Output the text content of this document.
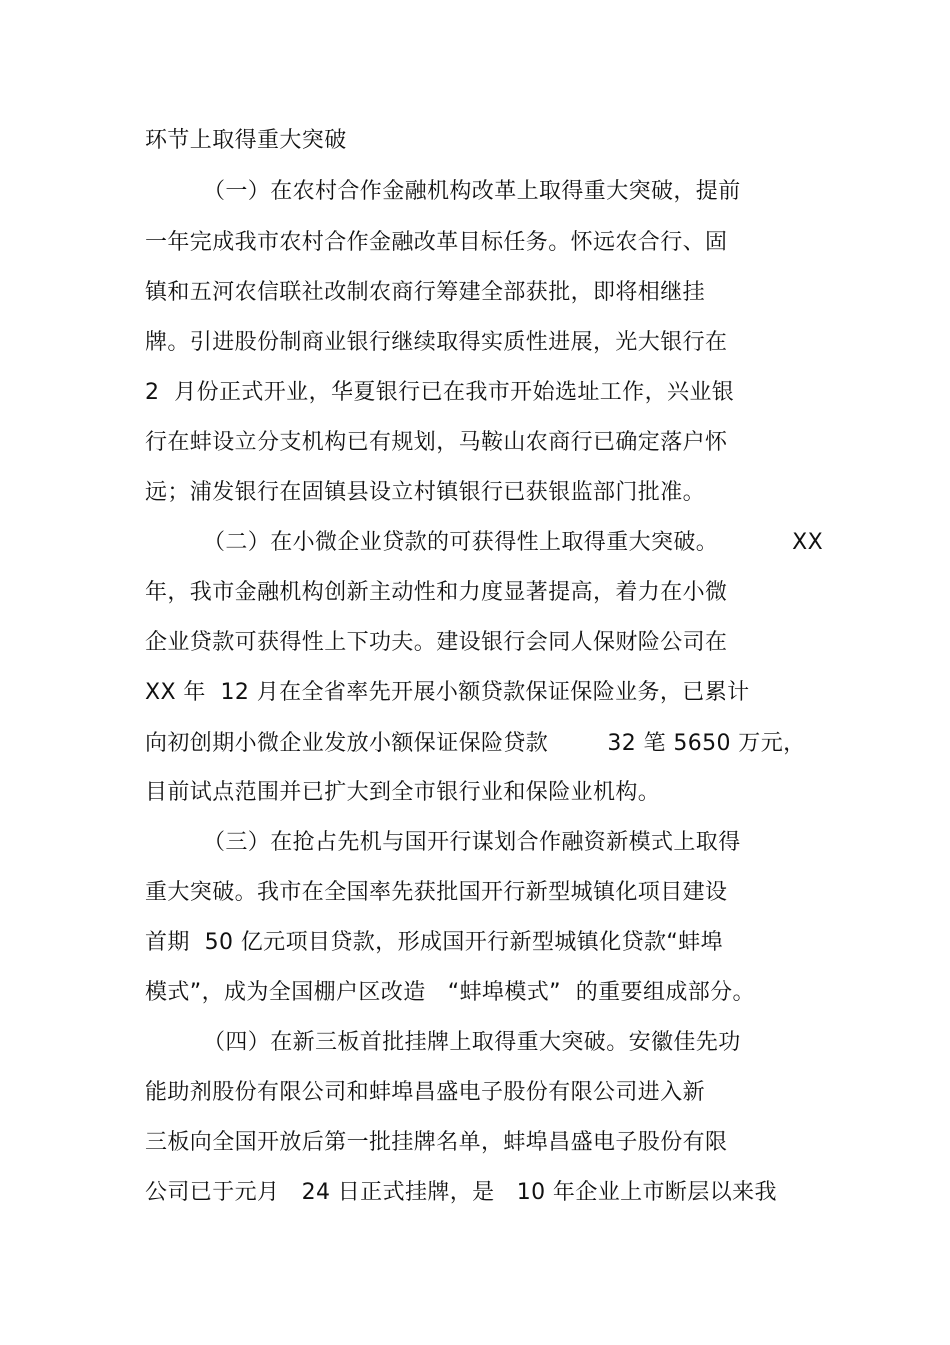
环节上取得重大突破
（一）在农村合作金融机构改革上取得重大突破，提前
一年完成我市农村合作金融改革目标任务。怀远农合行、固
镇和五河农信联社改制农商行筹建全部获批，即将相继挂
牌。引进股份制商业银行继续取得实质性进展，光大银行在
2  月份正式开业，华夏银行已在我市开始选址工作，兴业银
行在蚌设立分支机构已有规划，马鞍山农商行已确定落户怀
远；浦发银行在固镇县设立村镇银行已获银监部门批准。
（二）在小微企业贷款的可获得性上取得重大突破。          XX
年，我市金融机构创新主动性和力度显著提高，着力在小微
企业贷款可获得性上下功夫。建设银行会同人保财险公司在
XX 年  12 月在全省率先开展小额贷款保证保险业务，已累计
向初创期小微企业发放小额保证保险贷款        32 笔 5650 万元，
目前试点范围并已扩大到全市银行业和保险业机构。
（三）在抢占先机与国开行谋划合作融资新模式上取得
重大突破。我市在全国率先获批国开行新型城镇化项目建设
首期  50 亿元项目贷款，形成国开行新型城镇化贷款“蚌埠
模式”，成为全国棚户区改造   “蚌埠模式”  的重要组成部分。
（四）在新三板首批挂牌上取得重大突破。安徽佳先功
能助剂股份有限公司和蚌埠昌盛电子股份有限公司进入新
三板向全国开放后第一批挂牌名单，蚌埠昌盛电子股份有限
公司已于元月   24 日正式挂牌，是   10 年企业上市断层以来我
